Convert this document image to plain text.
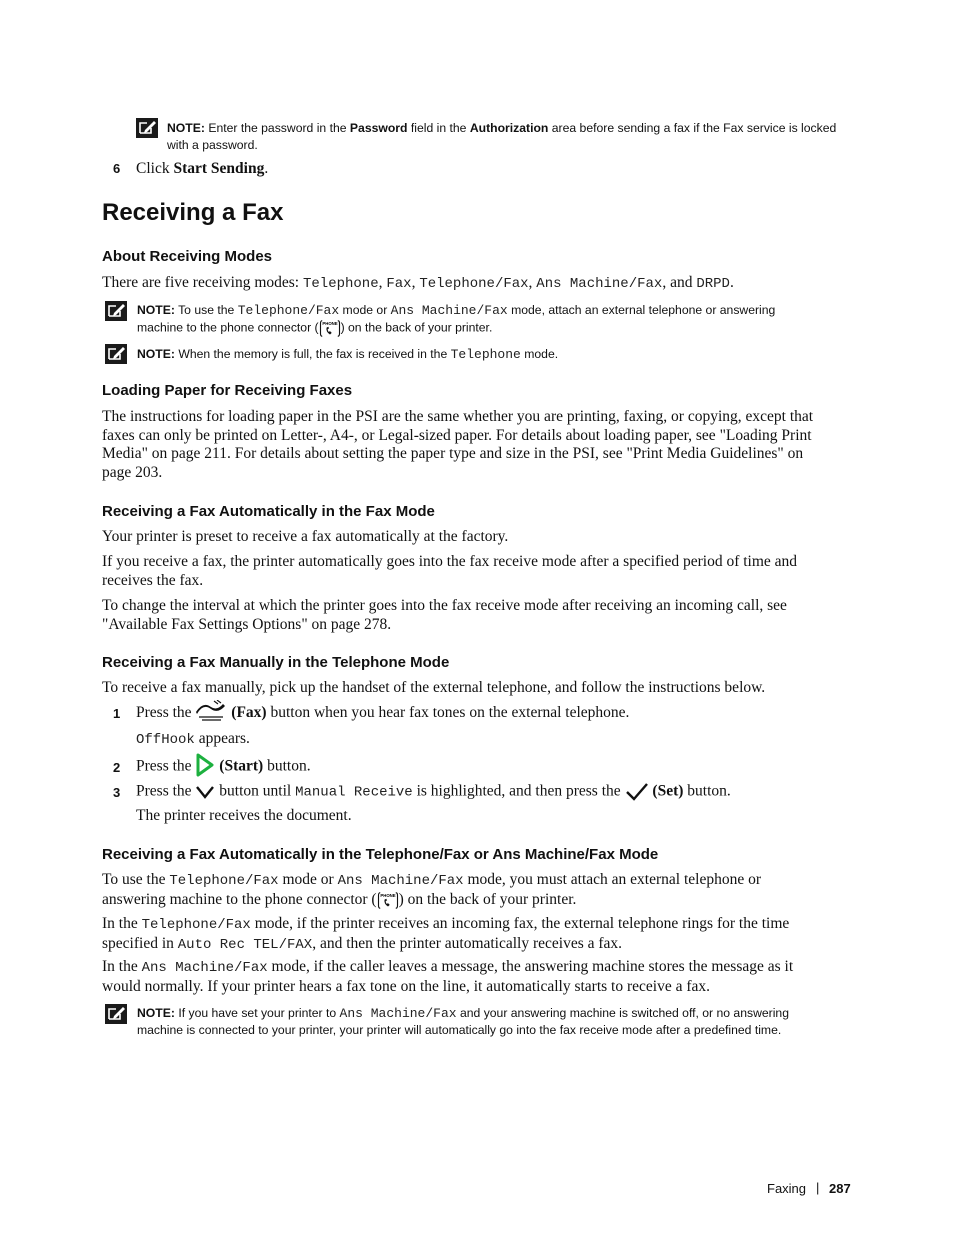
NOTE: Enter the password in the Password field in the Authorization area before sending a fax if the Fax service is locked
with a password.
6 Click Start Sending.
Receiving a Fax
About Receiving Modes
There are five receiving modes: Telephone, Fax, Telephone/Fax, Ans Machine/Fax, and DRPD.
NOTE: To use the Telephone/Fax mode or Ans Machine/Fax mode, attach an external telephone or answering
machine to the phone connector ( ) on the back of your printer.
NOTE: When the memory is full, the fax is received in the Telephone mode.
Loading Paper for Receiving Faxes
The instructions for loading paper in the PSI are the same whether you are printing, faxing, or copying, except that
faxes can only be printed on Letter-, A4-, or Legal-sized paper. For details about loading paper, see "Loading Print
Media" on page 211. For details about setting the paper type and size in the PSI, see "Print Media Guidelines" on
page 203.
Receiving a Fax Automatically in the Fax Mode
Your printer is preset to receive a fax automatically at the factory.
If you receive a fax, the printer automatically goes into the fax receive mode after a specified period of time and
receives the fax.
To change the interval at which the printer goes into the fax receive mode after receiving an incoming call, see
"Available Fax Settings Options" on page 278.
Receiving a Fax Manually in the Telephone Mode
To receive a fax manually, pick up the handset of the external telephone, and follow the instructions below.
1 Press the	(Fax) button when you hear fax tones on the external telephone.
OffHook appears.
2 Press the (Start) button.
3 Press the button until Manual Receive is highlighted, and then press the (Set) button.
The printer receives the document.
Receiving a Fax Automatically in the Telephone/Fax or Ans Machine/Fax Mode
To use the Telephone/Fax mode or Ans Machine/Fax mode, you must attach an external telephone or
answering machine to the phone connector ( ) on the back of your printer.
In the Telephone/Fax mode, if the printer receives an incoming fax, the external telephone rings for the time
specified in Auto Rec TEL/FAX, and then the printer automatically receives a fax.
In the Ans Machine/Fax mode, if the caller leaves a message, the answering machine stores the message as it
would normally. If your printer hears a fax tone on the line, it automatically starts to receive a fax.
NOTE: If you have set your printer to Ans Machine/Fax and your answering machine is switched off, or no answering
machine is connected to your printer, your printer will automatically go into the fax receive mode after a predefined time.
Faxing | 287
